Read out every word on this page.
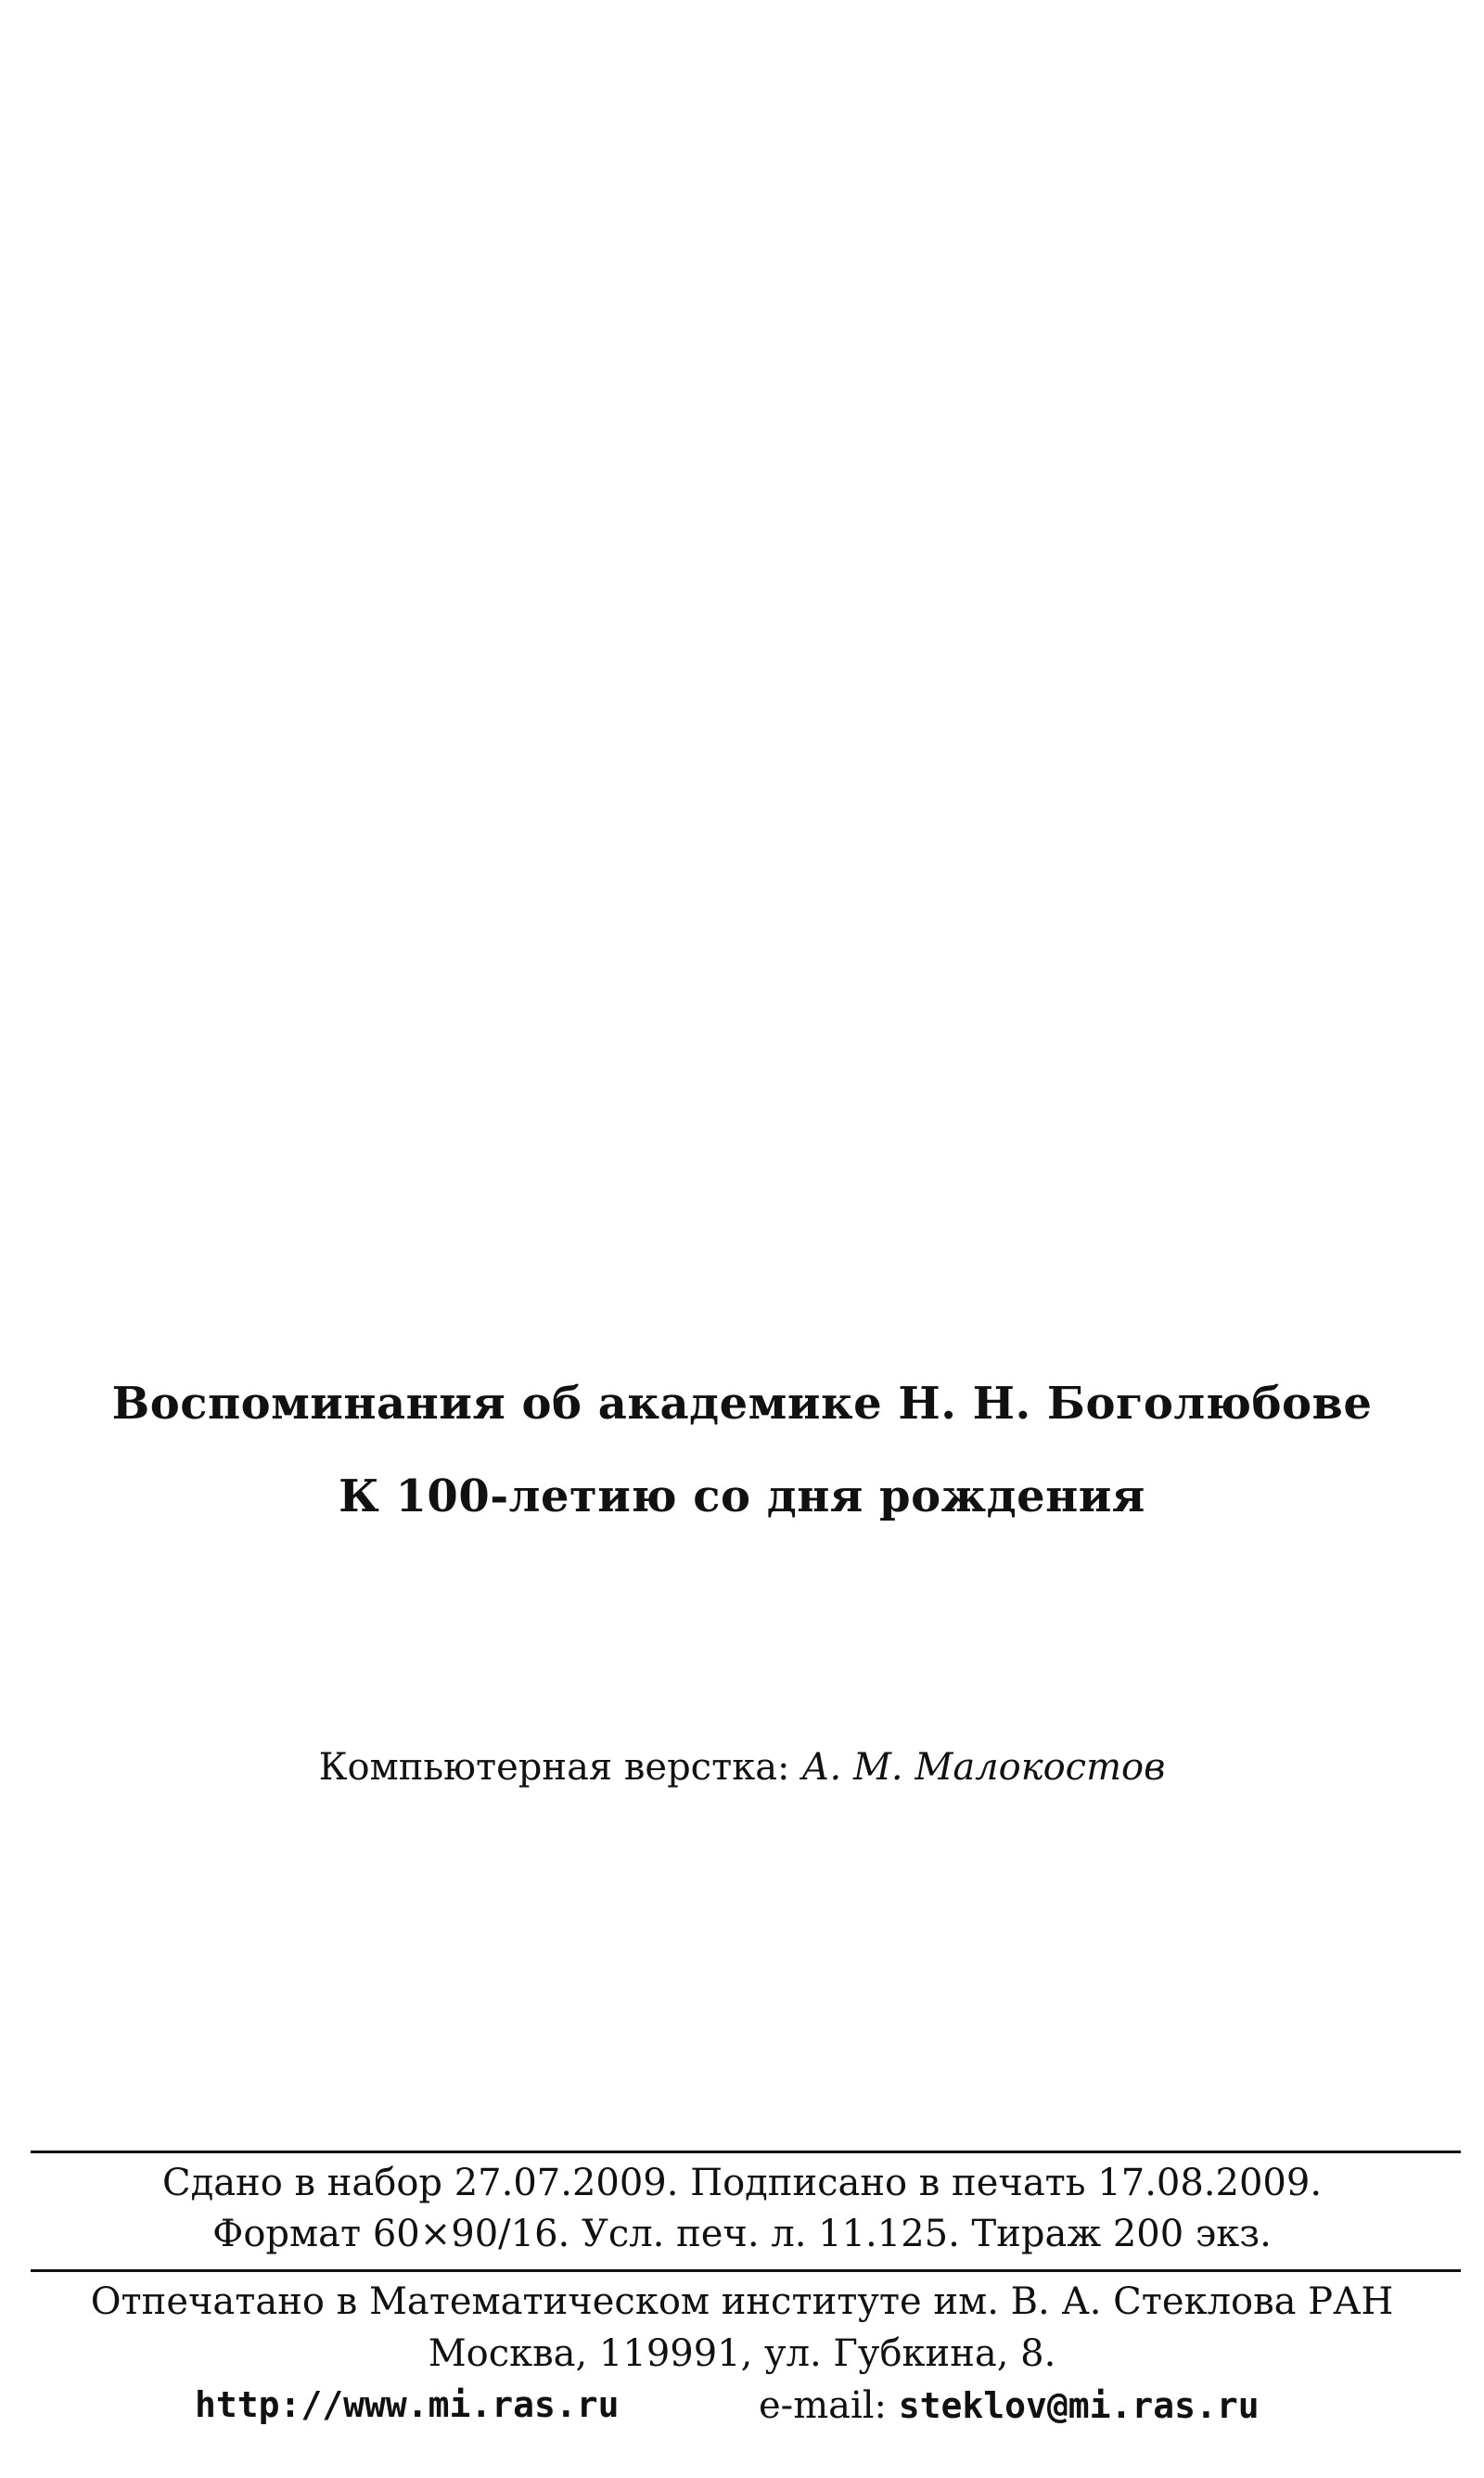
Воспоминания об академике Н. Н. Боголюбове
К 100-летию со дня рождения
Компьютерная верстка: А. М. Малокостов
Сдано в набор 27.07.2009. Подписано в печать 17.08.2009.
Формат 60×90/16. Усл. печ. л. 11.125. Тираж 200 экз.
Отпечатано в Математическом институте им. В. А. Стеклова РАН
Москва, 119991, ул. Губкина, 8.
http://www.mi.ras.ru	e-mail: steklov@mi.ras.ru
